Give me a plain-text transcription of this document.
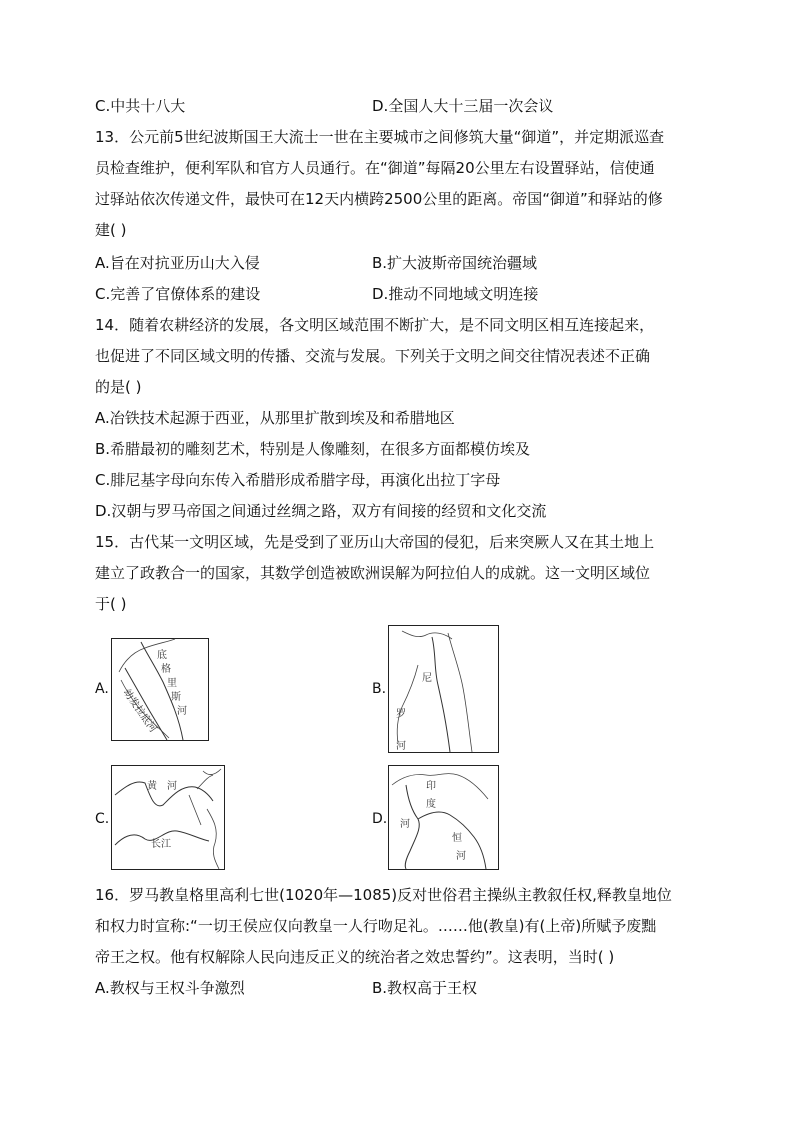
C.中共十八大	D.全国人大十三届一次会议
13．公元前5世纪波斯国王大流士一世在主要城市之间修筑大量“御道”，并定期派巡查
员检查维护，便利军队和官方人员通行。在“御道”每隔20公里左右设置驿站，信使通
过驿站依次传递文件，最快可在12天内横跨2500公里的距离。帝国“御道”和驿站的修
建( )
A.旨在对抗亚历山大入侵	B.扩大波斯帝国统治疆域
C.完善了官僚体系的建设	D.推动不同地域文明连接
14．随着农耕经济的发展，各文明区域范围不断扩大，是不同文明区相互连接起来，
也促进了不同区域文明的传播、交流与发展。下列关于文明之间交往情况表述不正确
的是( )
A.冶铁技术起源于西亚，从那里扩散到埃及和希腊地区
B.希腊最初的雕刻艺术，特别是人像雕刻，在很多方面都模仿埃及
C.腓尼基字母向东传入希腊形成希腊字母，再演化出拉丁字母
D.汉朝与罗马帝国之间通过丝绸之路，双方有间接的经贸和文化交流
15．古代某一文明区域，先是受到了亚历山大帝国的侵犯，后来突厥人又在其土地上
建立了政教合一的国家，其数学创造被欧洲误解为阿拉伯人的成就。这一文明区域位
于( )
A.
底
格
里
斯
河
幼发拉底河	B.
尼
罗
河
C.
黄 河
长江
D.
印
度
河
恒
河
16．罗马教皇格里高利七世(1020年—1085)反对世俗君主操纵主教叙任权,释教皇地位
和权力时宣称:“一切王侯应仅向教皇一人行吻足礼。……他(教皇)有(上帝)所赋予废黜
帝王之权。他有权解除人民向违反正义的统治者之效忠誓约”。这表明，当时( )
A.教权与王权斗争激烈	B.教权高于王权
